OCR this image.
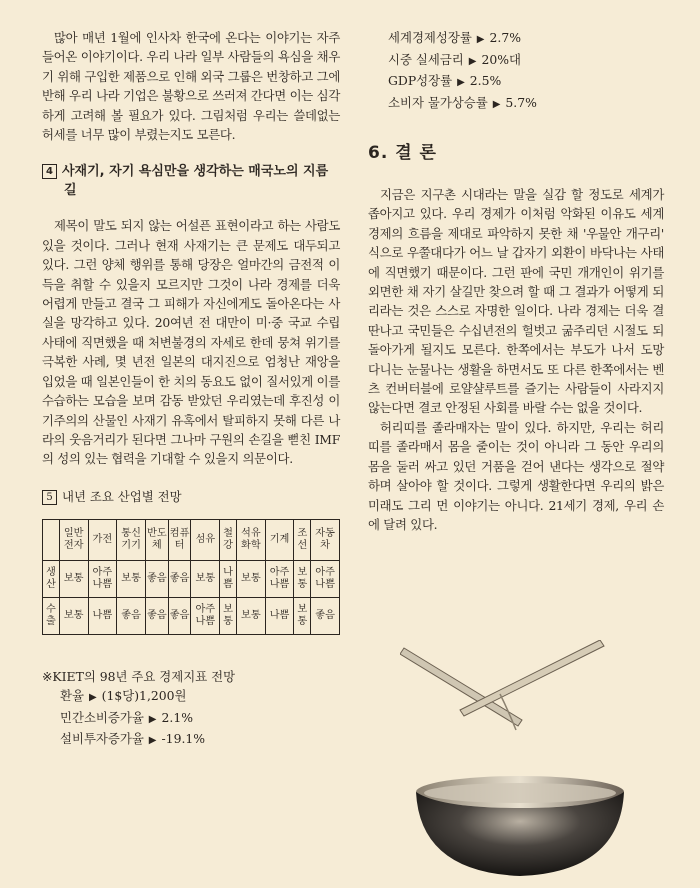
많아 매년 1월에 인사차 한국에 온다는 이야기는 자주 들어온 이야기이다. 우리 나라 일부 사람들의 욕심을 채우기 위해 구입한 제품으로 인해 외국 그룹은 번창하고 그에 반해 우리 나라 기업은 불황으로 쓰러져 간다면 이는 심각하게 고려해 볼 필요가 있다. 그림처럼 우리는 쓸데없는 허세를 너무 많이 부렸는지도 모른다.

4 사재기, 자기 욕심만을 생각하는 매국노의 지름길

제목이 말도 되지 않는 어설픈 표현이라고 하는 사람도 있을 것이다. 그러나 현재 사재기는 큰 문제도 대두되고 있다. 그런 양체 행위를 통해 당장은 얼마간의 금전적 이득을 취할 수 있을지 모르지만 그것이 나라 경제를 더욱 어렵게 만들고 결국 그 피해가 자신에게도 돌아온다는 사실을 망각하고 있다. 20여년 전 대만이 미·중 국교 수립 사태에 직면했을 때 처변불경의 자세로 한데 뭉쳐 위기를 극복한 사례, 몇 년전 일본의 대지진으로 엄청난 재앙을 입었을 때 일본인들이 한 치의 동요도 없이 질서있게 이를 수습하는 모습을 보며 감동 받았던 우리였는데 후진성 이기주의의 산물인 사재기 유혹에서 탈피하지 못해 다른 나라의 웃음거리가 된다면 그나마 구원의 손길을 뻗친 IMF의 성의 있는 협력을 기대할 수 있을지 의문이다.

5 내년 조요 산업별 전망
	일반전자	가전	통신기기	반도체	컴퓨터	섬유	철강	석유화학	기계	조선	자동차
생산	보통	아주나쁨	보통	좋음	좋음	보통	나쁨	보통	아주나쁨	보통	아주나쁨
수출	보통	나쁨	좋음	좋음	좋음	아주나쁨	보통	보통	나쁨	보통	좋음
※KIET의 98년 주요 경제지표 전망
환율 ▶ (1$당)1,200원
민간소비증가율 ▶ 2.1%
설비투자증가율 ▶ -19.1%
세계경제성장률 ▶ 2.7%
시중 실세금리 ▶ 20%대
GDP성장률 ▶ 2.5%
소비자 물가상승률 ▶ 5.7%
6. 결 론

지금은 지구촌 시대라는 말을 실감 할 정도로 세계가 좁아지고 있다. 우리 경제가 이처럼 악화된 이유도 세계 경제의 흐름을 제대로 파악하지 못한 채 '우물안 개구리' 식으로 우쭐대다가 어느 날 갑자기 외환이 바닥나는 사태에 직면했기 때문이다. 그런 판에 국민 개개인이 위기를 외면한 채 자기 살길만 찾으려 할 때 그 결과가 어떻게 되리라는 것은 스스로 자명한 일이다. 나라 경제는 더욱 결딴나고 국민들은 수십년전의 헐벗고 굶주리던 시절도 되돌아가게 될지도 모른다. 한쪽에서는 부도가 나서 도망 다니는 눈물나는 생활을 하면서도 또 다른 한쪽에서는 벤츠 컨버터블에 로얄샬루트를 즐기는 사람들이 사라지지 않는다면 결코 안정된 사회를 바랄 수는 없을 것이다.

허리띠를 졸라매자는 말이 있다. 하지만, 우리는 허리띠를 졸라매서 몸을 줄이는 것이 아니라 그 동안 우리의 몸을 둘러 싸고 있던 거품을 걷어 낸다는 생각으로 절약하며 살아야 할 것이다. 그렇게 생활한다면 우리의 밝은 미래도 그리 먼 이야기는 아니다. 21세기 경제, 우리 손에 달려 있다.
